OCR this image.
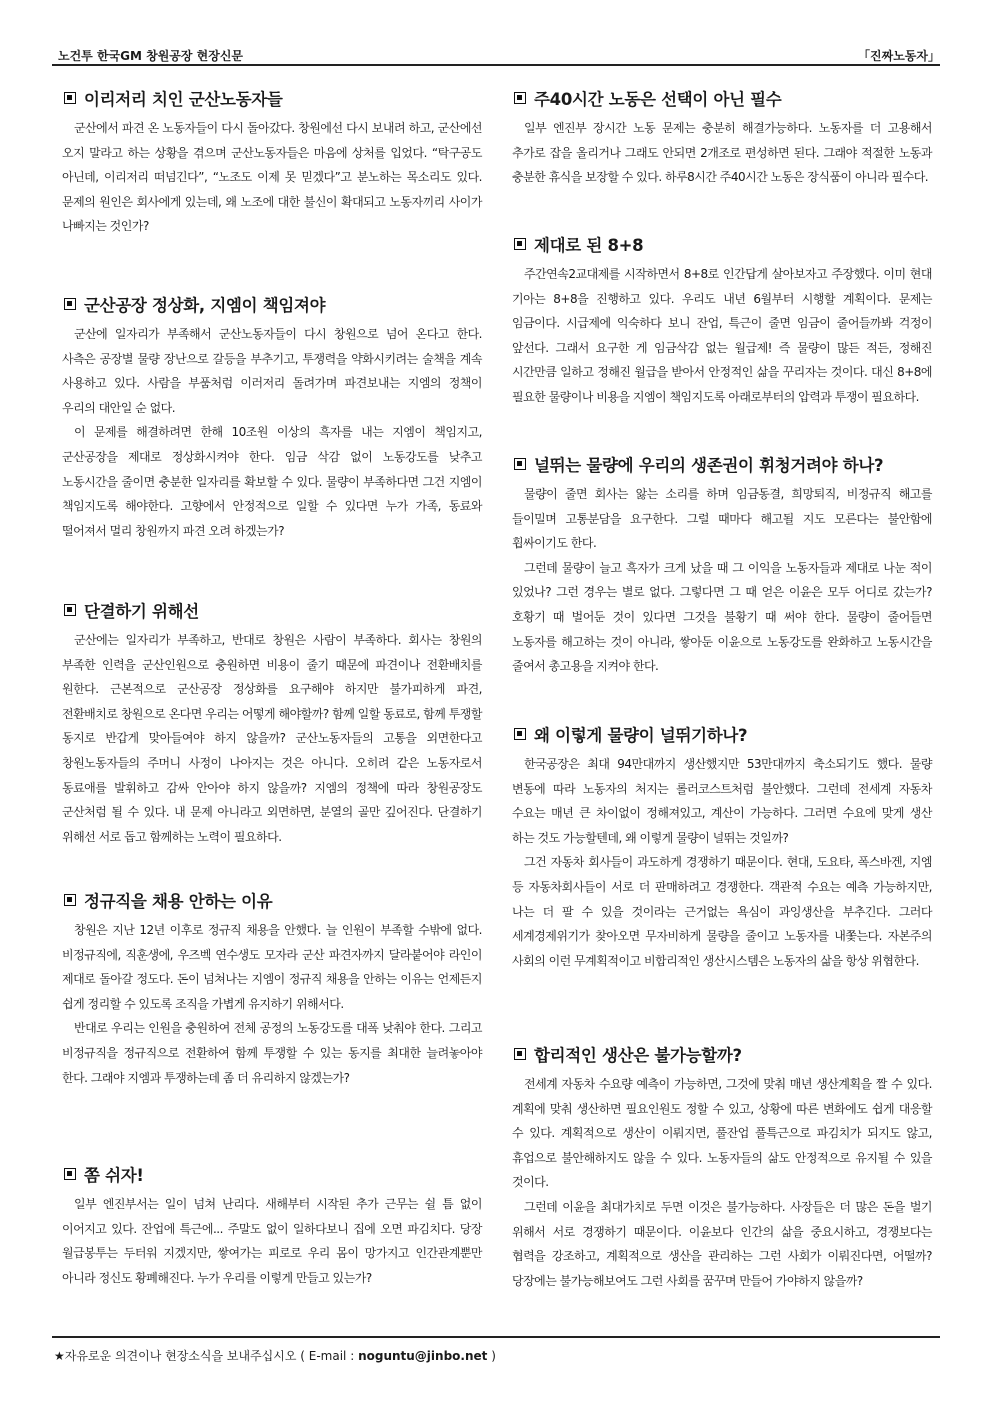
노건투 한국GM 창원공장 현장신문	「진짜노동자」
이리저리 치인 군산노동자들

군산에서 파견 온 노동자들이 다시 돌아갔다. 창원에선 다시 보내려 하고, 군산에선 오지 말라고 하는 상황을 겪으며 군산노동자들은 마음에 상처를 입었다. “탁구공도 아닌데, 이리저리 떠넘긴다”, “노조도 이제 못 믿겠다”고 분노하는 목소리도 있다. 문제의 원인은 회사에게 있는데, 왜 노조에 대한 불신이 확대되고 노동자끼리 사이가 나빠지는 것인가?

군산공장 정상화, 지엠이 책임져야

군산에 일자리가 부족해서 군산노동자들이 다시 창원으로 넘어 온다고 한다. 사측은 공장별 물량 장난으로 갈등을 부추기고, 투쟁력을 약화시키려는 술책을 계속 사용하고 있다. 사람을 부품처럼 이러저리 돌려가며 파견보내는 지엠의 정책이 우리의 대안일 순 없다.

이 문제를 해결하려면 한해 10조원 이상의 흑자를 내는 지엠이 책임지고, 군산공장을 제대로 정상화시켜야 한다. 임금 삭감 없이 노동강도를 낮추고 노동시간을 줄이면 충분한 일자리를 확보할 수 있다. 물량이 부족하다면 그건 지엠이 책임지도록 해야한다. 고향에서 안정적으로 일할 수 있다면 누가 가족, 동료와 떨어져서 멀리 창원까지 파견 오려 하겠는가?

단결하기 위해선

군산에는 일자리가 부족하고, 반대로 창원은 사람이 부족하다. 회사는 창원의 부족한 인력을 군산인원으로 충원하면 비용이 줄기 때문에 파견이나 전환배치를 원한다. 근본적으로 군산공장 정상화를 요구해야 하지만 불가피하게 파견, 전환배치로 창원으로 온다면 우리는 어떻게 해야할까? 함께 일할 동료로, 함께 투쟁할 동지로 반갑게 맞아들여야 하지 않을까? 군산노동자들의 고통을 외면한다고 창원노동자들의 주머니 사정이 나아지는 것은 아니다. 오히려 같은 노동자로서 동료애를 발휘하고 감싸 안아야 하지 않을까? 지엠의 정책에 따라 창원공장도 군산처럼 될 수 있다. 내 문제 아니라고 외면하면, 분열의 골만 깊어진다. 단결하기 위해선 서로 돕고 함께하는 노력이 필요하다.

정규직을 채용 안하는 이유

창원은 지난 12년 이후로 정규직 채용을 안했다. 늘 인원이 부족할 수밖에 없다. 비정규직에, 직훈생에, 우즈벡 연수생도 모자라 군산 파견자까지 달라붙어야 라인이 제대로 돌아갈 정도다. 돈이 넘쳐나는 지엠이 정규직 채용을 안하는 이유는 언제든지 쉽게 정리할 수 있도록 조직을 가볍게 유지하기 위해서다.

반대로 우리는 인원을 충원하여 전체 공정의 노동강도를 대폭 낮춰야 한다. 그리고 비정규직을 정규직으로 전환하여 함께 투쟁할 수 있는 동지를 최대한 늘려놓아야 한다. 그래야 지엠과 투쟁하는데 좀 더 유리하지 않겠는가?

쫌 쉬자!

일부 엔진부서는 일이 넘쳐 난리다. 새해부터 시작된 추가 근무는 쉴 틈 없이 이어지고 있다. 잔업에 특근에... 주말도 없이 일하다보니 집에 오면 파김치다. 당장 월급봉투는 두터워 지겠지만, 쌓여가는 피로로 우리 몸이 망가지고 인간관계뿐만 아니라 정신도 황폐해진다. 누가 우리를 이렇게 만들고 있는가?

주40시간 노동은 선택이 아닌 필수

일부 엔진부 장시간 노동 문제는 충분히 해결가능하다. 노동자를 더 고용해서 추가로 잡을 올리거나 그래도 안되면 2개조로 편성하면 된다. 그래야 적절한 노동과 충분한 휴식을 보장할 수 있다. 하루8시간 주40시간 노동은 장식품이 아니라 필수다.

제대로 된 8+8

주간연속2교대제를 시작하면서 8+8로 인간답게 살아보자고 주장했다. 이미 현대 기아는 8+8을 진행하고 있다. 우리도 내년 6월부터 시행할 계획이다. 문제는 임금이다. 시급제에 익숙하다 보니 잔업, 특근이 줄면 임금이 줄어들까봐 걱정이 앞선다. 그래서 요구한 게 임금삭감 없는 월급제! 즉 물량이 많든 적든, 정해진 시간만큼 일하고 정해진 월급을 받아서 안정적인 삶을 꾸리자는 것이다. 대신 8+8에 필요한 물량이나 비용을 지엠이 책임지도록 아래로부터의 압력과 투쟁이 필요하다.

널뛰는 물량에 우리의 생존권이 휘청거려야 하나?

물량이 줄면 회사는 앓는 소리를 하며 임금동결, 희망퇴직, 비정규직 해고를 들이밀며 고통분담을 요구한다. 그럴 때마다 해고될 지도 모른다는 불안함에 휩싸이기도 한다.

그런데 물량이 늘고 흑자가 크게 났을 때 그 이익을 노동자들과 제대로 나눈 적이 있었나? 그런 경우는 별로 없다. 그렇다면 그 때 얻은 이윤은 모두 어디로 갔는가? 호황기 때 벌어둔 것이 있다면 그것을 불황기 때 써야 한다. 물량이 줄어들면 노동자를 해고하는 것이 아니라, 쌓아둔 이윤으로 노동강도를 완화하고 노동시간을 줄여서 총고용을 지켜야 한다.

왜 이렇게 물량이 널뛰기하나?

한국공장은 최대 94만대까지 생산했지만 53만대까지 축소되기도 했다. 물량 변동에 따라 노동자의 처지는 롤러코스트처럼 불안했다. 그런데 전세계 자동차 수요는 매년 큰 차이없이 정해져있고, 계산이 가능하다. 그러면 수요에 맞게 생산 하는 것도 가능할텐데, 왜 이렇게 물량이 널뛰는 것일까?

그건 자동차 회사들이 과도하게 경쟁하기 때문이다. 현대, 도요타, 폭스바겐, 지엠 등 자동차회사들이 서로 더 판매하려고 경쟁한다. 객관적 수요는 예측 가능하지만, 나는 더 팔 수 있을 것이라는 근거없는 욕심이 과잉생산을 부추긴다. 그러다 세계경제위기가 찾아오면 무자비하게 물량을 줄이고 노동자를 내쫓는다. 자본주의 사회의 이런 무계획적이고 비합리적인 생산시스템은 노동자의 삶을 항상 위협한다.

합리적인 생산은 불가능할까?

전세계 자동차 수요량 예측이 가능하면, 그것에 맞춰 매년 생산계획을 짤 수 있다. 계획에 맞춰 생산하면 필요인원도 정할 수 있고, 상황에 따른 변화에도 쉽게 대응할 수 있다. 계획적으로 생산이 이뤄지면, 풀잔업 풀특근으로 파김치가 되지도 않고, 휴업으로 불안해하지도 않을 수 있다. 노동자들의 삶도 안정적으로 유지될 수 있을 것이다.

그런데 이윤을 최대가치로 두면 이것은 불가능하다. 사장들은 더 많은 돈을 벌기 위해서 서로 경쟁하기 때문이다. 이윤보다 인간의 삶을 중요시하고, 경쟁보다는 협력을 강조하고, 계획적으로 생산을 관리하는 그런 사회가 이뤄진다면, 어떨까? 당장에는 불가능해보여도 그런 사회를 꿈꾸며 만들어 가야하지 않을까?

★자유로운 의견이나 현장소식을 보내주십시오 ( E-mail : noguntu@jinbo.net )
